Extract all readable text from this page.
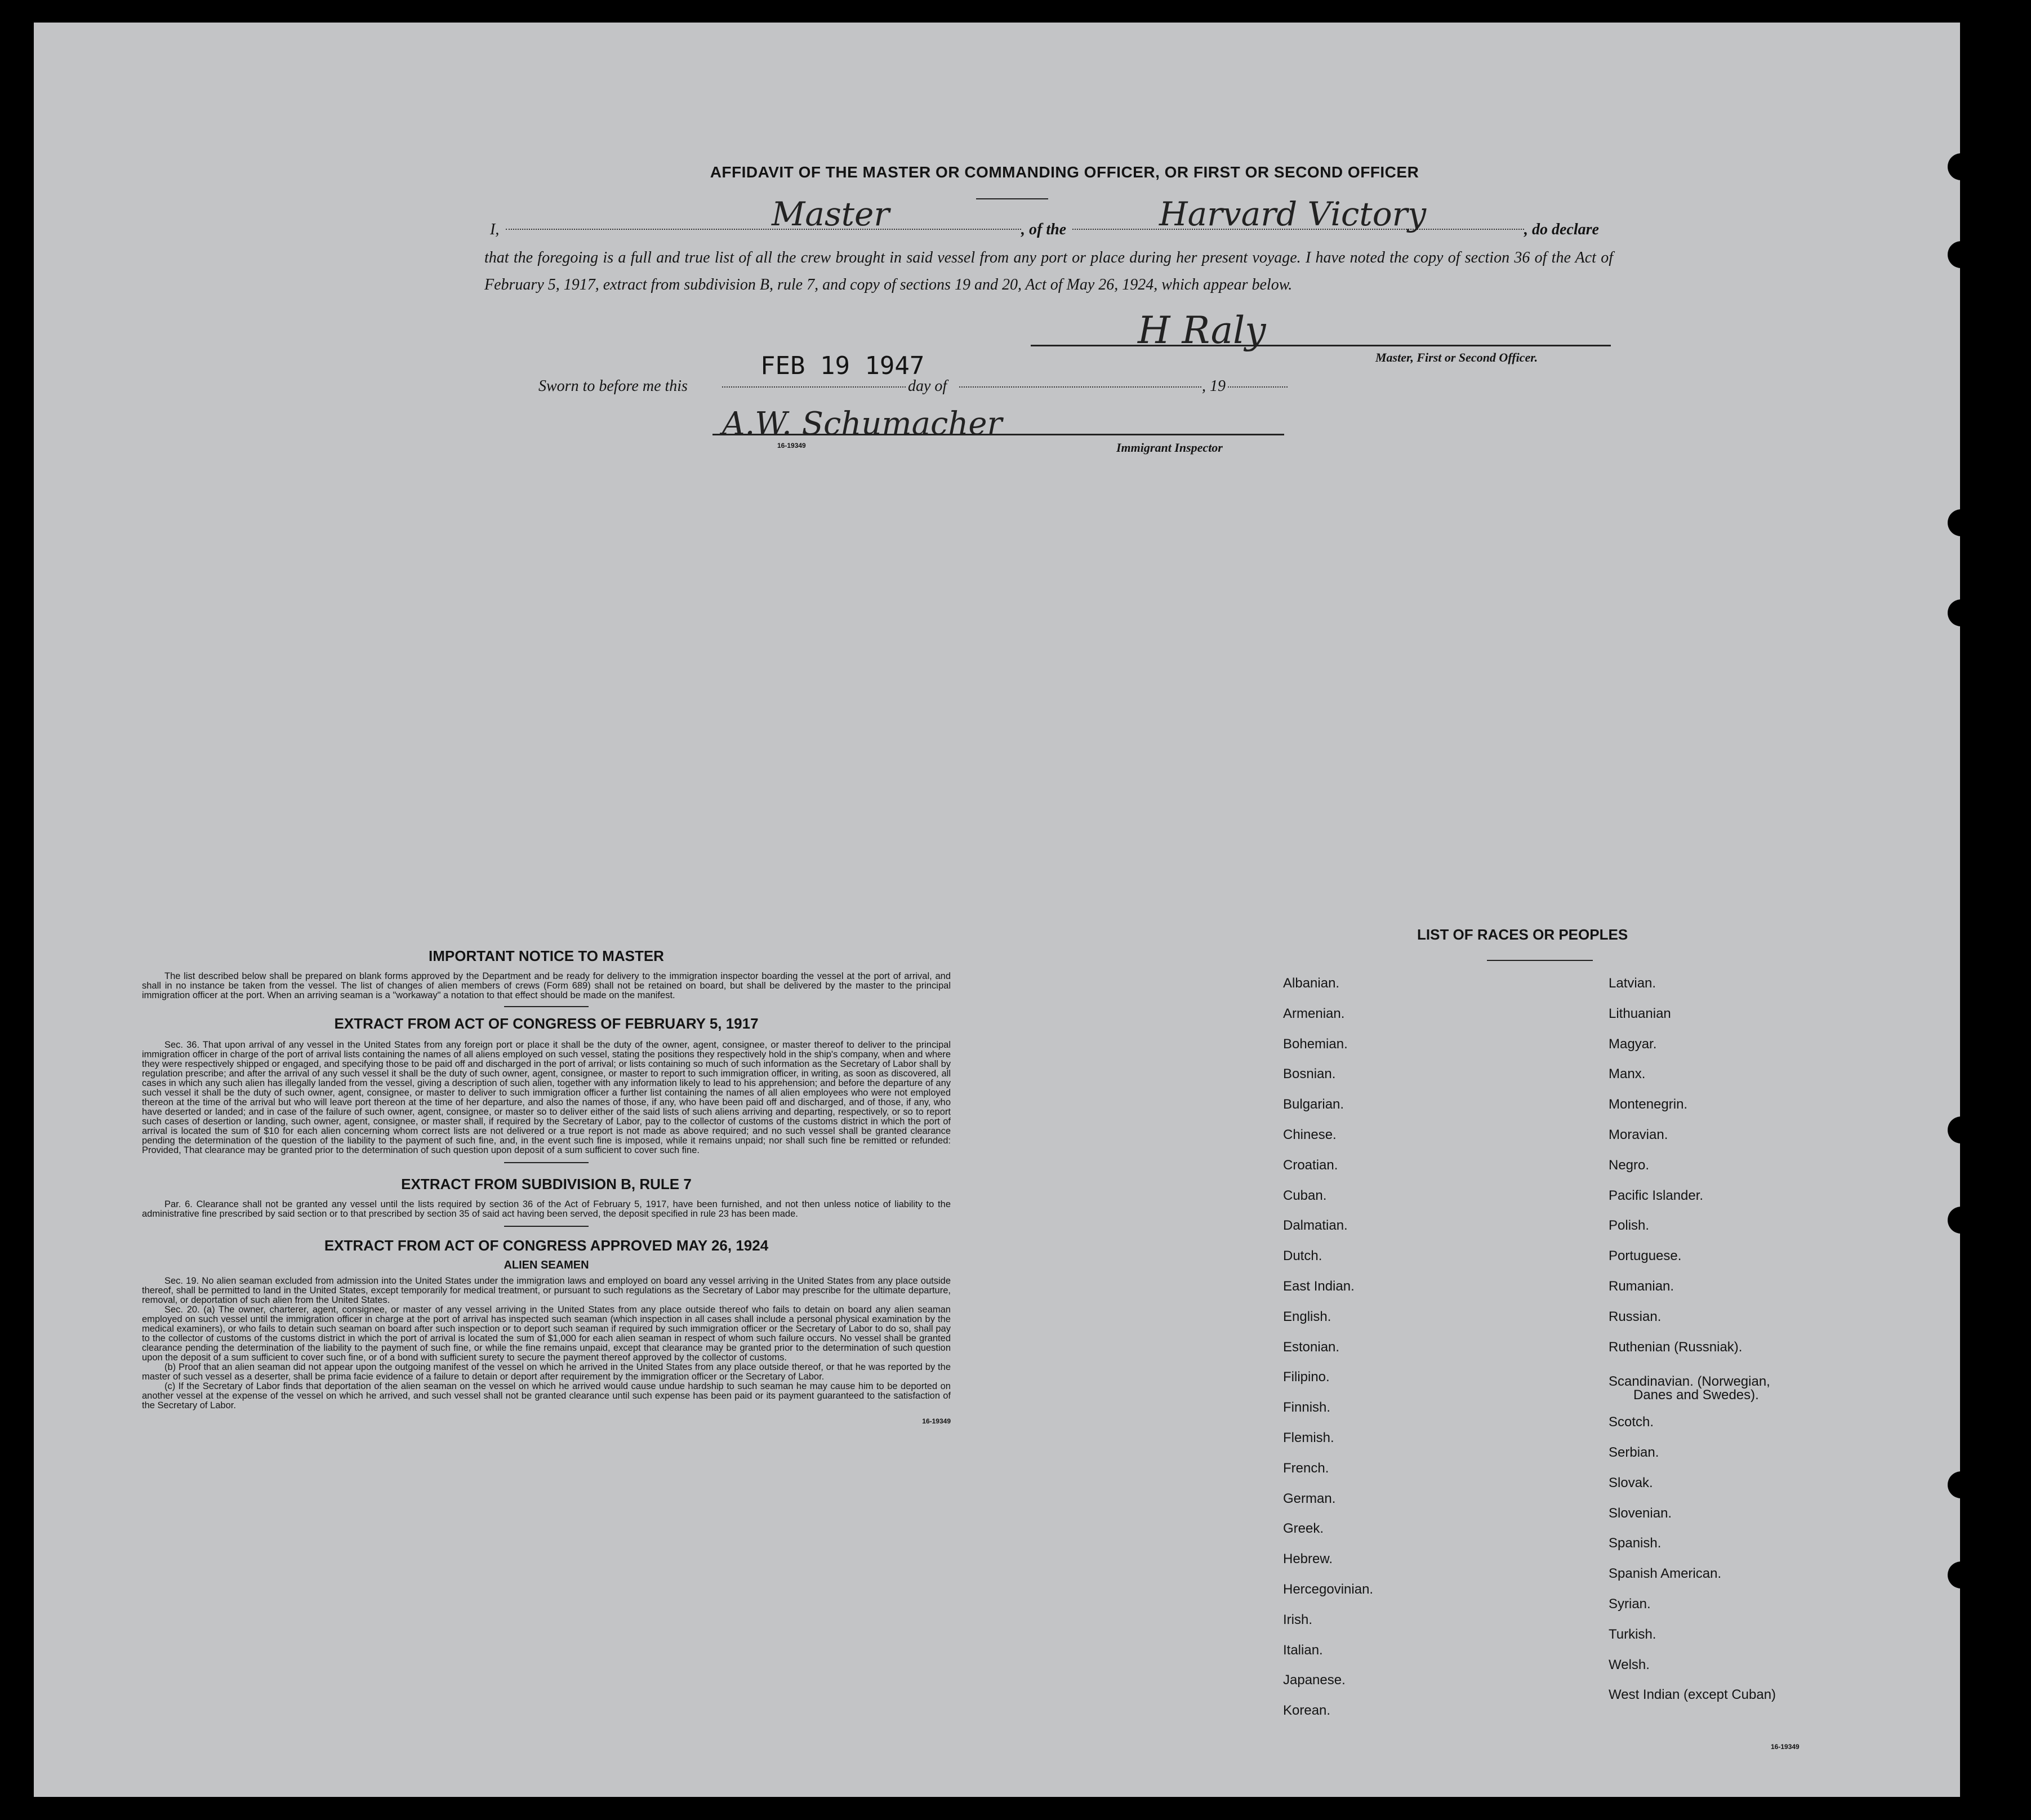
AFFIDAVIT OF THE MASTER OR COMMANDING OFFICER, OR FIRST OR SECOND OFFICER
I,	Master	, of the	Harvard Victory	, do declare
that the foregoing is a full and true list of all the crew brought in said vessel from any port or place during her present voyage. I have noted the copy of section 36 of the Act of February 5, 1917, extract from subdivision B, rule 7, and copy of sections 19 and 20, Act of May 26, 1924, which appear below.
H Raly
Master, First or Second Officer.
FEB 19 1947
Sworn to before me this	day of	, 19
A.W. Schumacher
16-19349	Immigrant Inspector
IMPORTANT NOTICE TO MASTER
The list described below shall be prepared on blank forms approved by the Department and be ready for delivery to the immigration inspector boarding the vessel at the port of arrival, and shall in no instance be taken from the vessel. The list of changes of alien members of crews (Form 689) shall not be retained on board, but shall be delivered by the master to the principal immigration officer at the port. When an arriving seaman is a "workaway" a notation to that effect should be made on the manifest.
EXTRACT FROM ACT OF CONGRESS OF FEBRUARY 5, 1917
Sec. 36. That upon arrival of any vessel in the United States from any foreign port or place it shall be the duty of the owner, agent, consignee, or master thereof to deliver to the principal immigration officer in charge of the port of arrival lists containing the names of all aliens employed on such vessel, stating the positions they respectively hold in the ship's company, when and where they were respectively shipped or engaged, and specifying those to be paid off and discharged in the port of arrival; or lists containing so much of such information as the Secretary of Labor shall by regulation prescribe; and after the arrival of any such vessel it shall be the duty of such owner, agent, consignee, or master to report to such immigration officer, in writing, as soon as discovered, all cases in which any such alien has illegally landed from the vessel, giving a description of such alien, together with any information likely to lead to his apprehension; and before the departure of any such vessel it shall be the duty of such owner, agent, consignee, or master to deliver to such immigration officer a further list containing the names of all alien employees who were not employed thereon at the time of the arrival but who will leave port thereon at the time of her departure, and also the names of those, if any, who have been paid off and discharged, and of those, if any, who have deserted or landed; and in case of the failure of such owner, agent, consignee, or master so to deliver either of the said lists of such aliens arriving and departing, respectively, or so to report such cases of desertion or landing, such owner, agent, consignee, or master shall, if required by the Secretary of Labor, pay to the collector of customs of the customs district in which the port of arrival is located the sum of $10 for each alien concerning whom correct lists are not delivered or a true report is not made as above required; and no such vessel shall be granted clearance pending the determination of the question of the liability to the payment of such fine, and, in the event such fine is imposed, while it remains unpaid; nor shall such fine be remitted or refunded: Provided, That clearance may be granted prior to the determination of such question upon deposit of a sum sufficient to cover such fine.
EXTRACT FROM SUBDIVISION B, RULE 7
Par. 6. Clearance shall not be granted any vessel until the lists required by section 36 of the Act of February 5, 1917, have been furnished, and not then unless notice of liability to the administrative fine prescribed by said section or to that prescribed by section 35 of said act having been served, the deposit specified in rule 23 has been made.
EXTRACT FROM ACT OF CONGRESS APPROVED MAY 26, 1924
ALIEN SEAMEN
Sec. 19. No alien seaman excluded from admission into the United States under the immigration laws and employed on board any vessel arriving in the United States from any place outside thereof, shall be permitted to land in the United States, except temporarily for medical treatment, or pursuant to such regulations as the Secretary of Labor may prescribe for the ultimate departure, removal, or deportation of such alien from the United States.
Sec. 20. (a) The owner, charterer, agent, consignee, or master of any vessel arriving in the United States from any place outside thereof who fails to detain on board any alien seaman employed on such vessel until the immigration officer in charge at the port of arrival has inspected such seaman (which inspection in all cases shall include a personal physical examination by the medical examiners), or who fails to detain such seaman on board after such inspection or to deport such seaman if required by such immigration officer or the Secretary of Labor to do so, shall pay to the collector of customs of the customs district in which the port of arrival is located the sum of $1,000 for each alien seaman in respect of whom such failure occurs. No vessel shall be granted clearance pending the determination of the liability to the payment of such fine, or while the fine remains unpaid, except that clearance may be granted prior to the determination of such question upon the deposit of a sum sufficient to cover such fine, or of a bond with sufficient surety to secure the payment thereof approved by the collector of customs.
(b) Proof that an alien seaman did not appear upon the outgoing manifest of the vessel on which he arrived in the United States from any place outside thereof, or that he was reported by the master of such vessel as a deserter, shall be prima facie evidence of a failure to detain or deport after requirement by the immigration officer or the Secretary of Labor.
(c) If the Secretary of Labor finds that deportation of the alien seaman on the vessel on which he arrived would cause undue hardship to such seaman he may cause him to be deported on another vessel at the expense of the vessel on which he arrived, and such vessel shall not be granted clearance until such expense has been paid or its payment guaranteed to the satisfaction of the Secretary of Labor.
16-19349
LIST OF RACES OR PEOPLES
16-19349
Albanian.
Armenian.
Bohemian.
Bosnian.
Bulgarian.
Chinese.
Croatian.
Cuban.
Dalmatian.
Dutch.
East Indian.
English.
Estonian.
Filipino.
Finnish.
Flemish.
French.
German.
Greek.
Hebrew.
Hercegovinian.
Irish.
Italian.
Japanese.
Korean.
Latvian.
Lithuanian
Magyar.
Manx.
Montenegrin.
Moravian.
Negro.
Pacific Islander.
Polish.
Portuguese.
Rumanian.
Russian.
Ruthenian (Russniak).
Scandinavian. (Norwegian,
Danes and Swedes).
Scotch.
Serbian.
Slovak.
Slovenian.
Spanish.
Spanish American.
Syrian.
Turkish.
Welsh.
West Indian (except Cuban)
